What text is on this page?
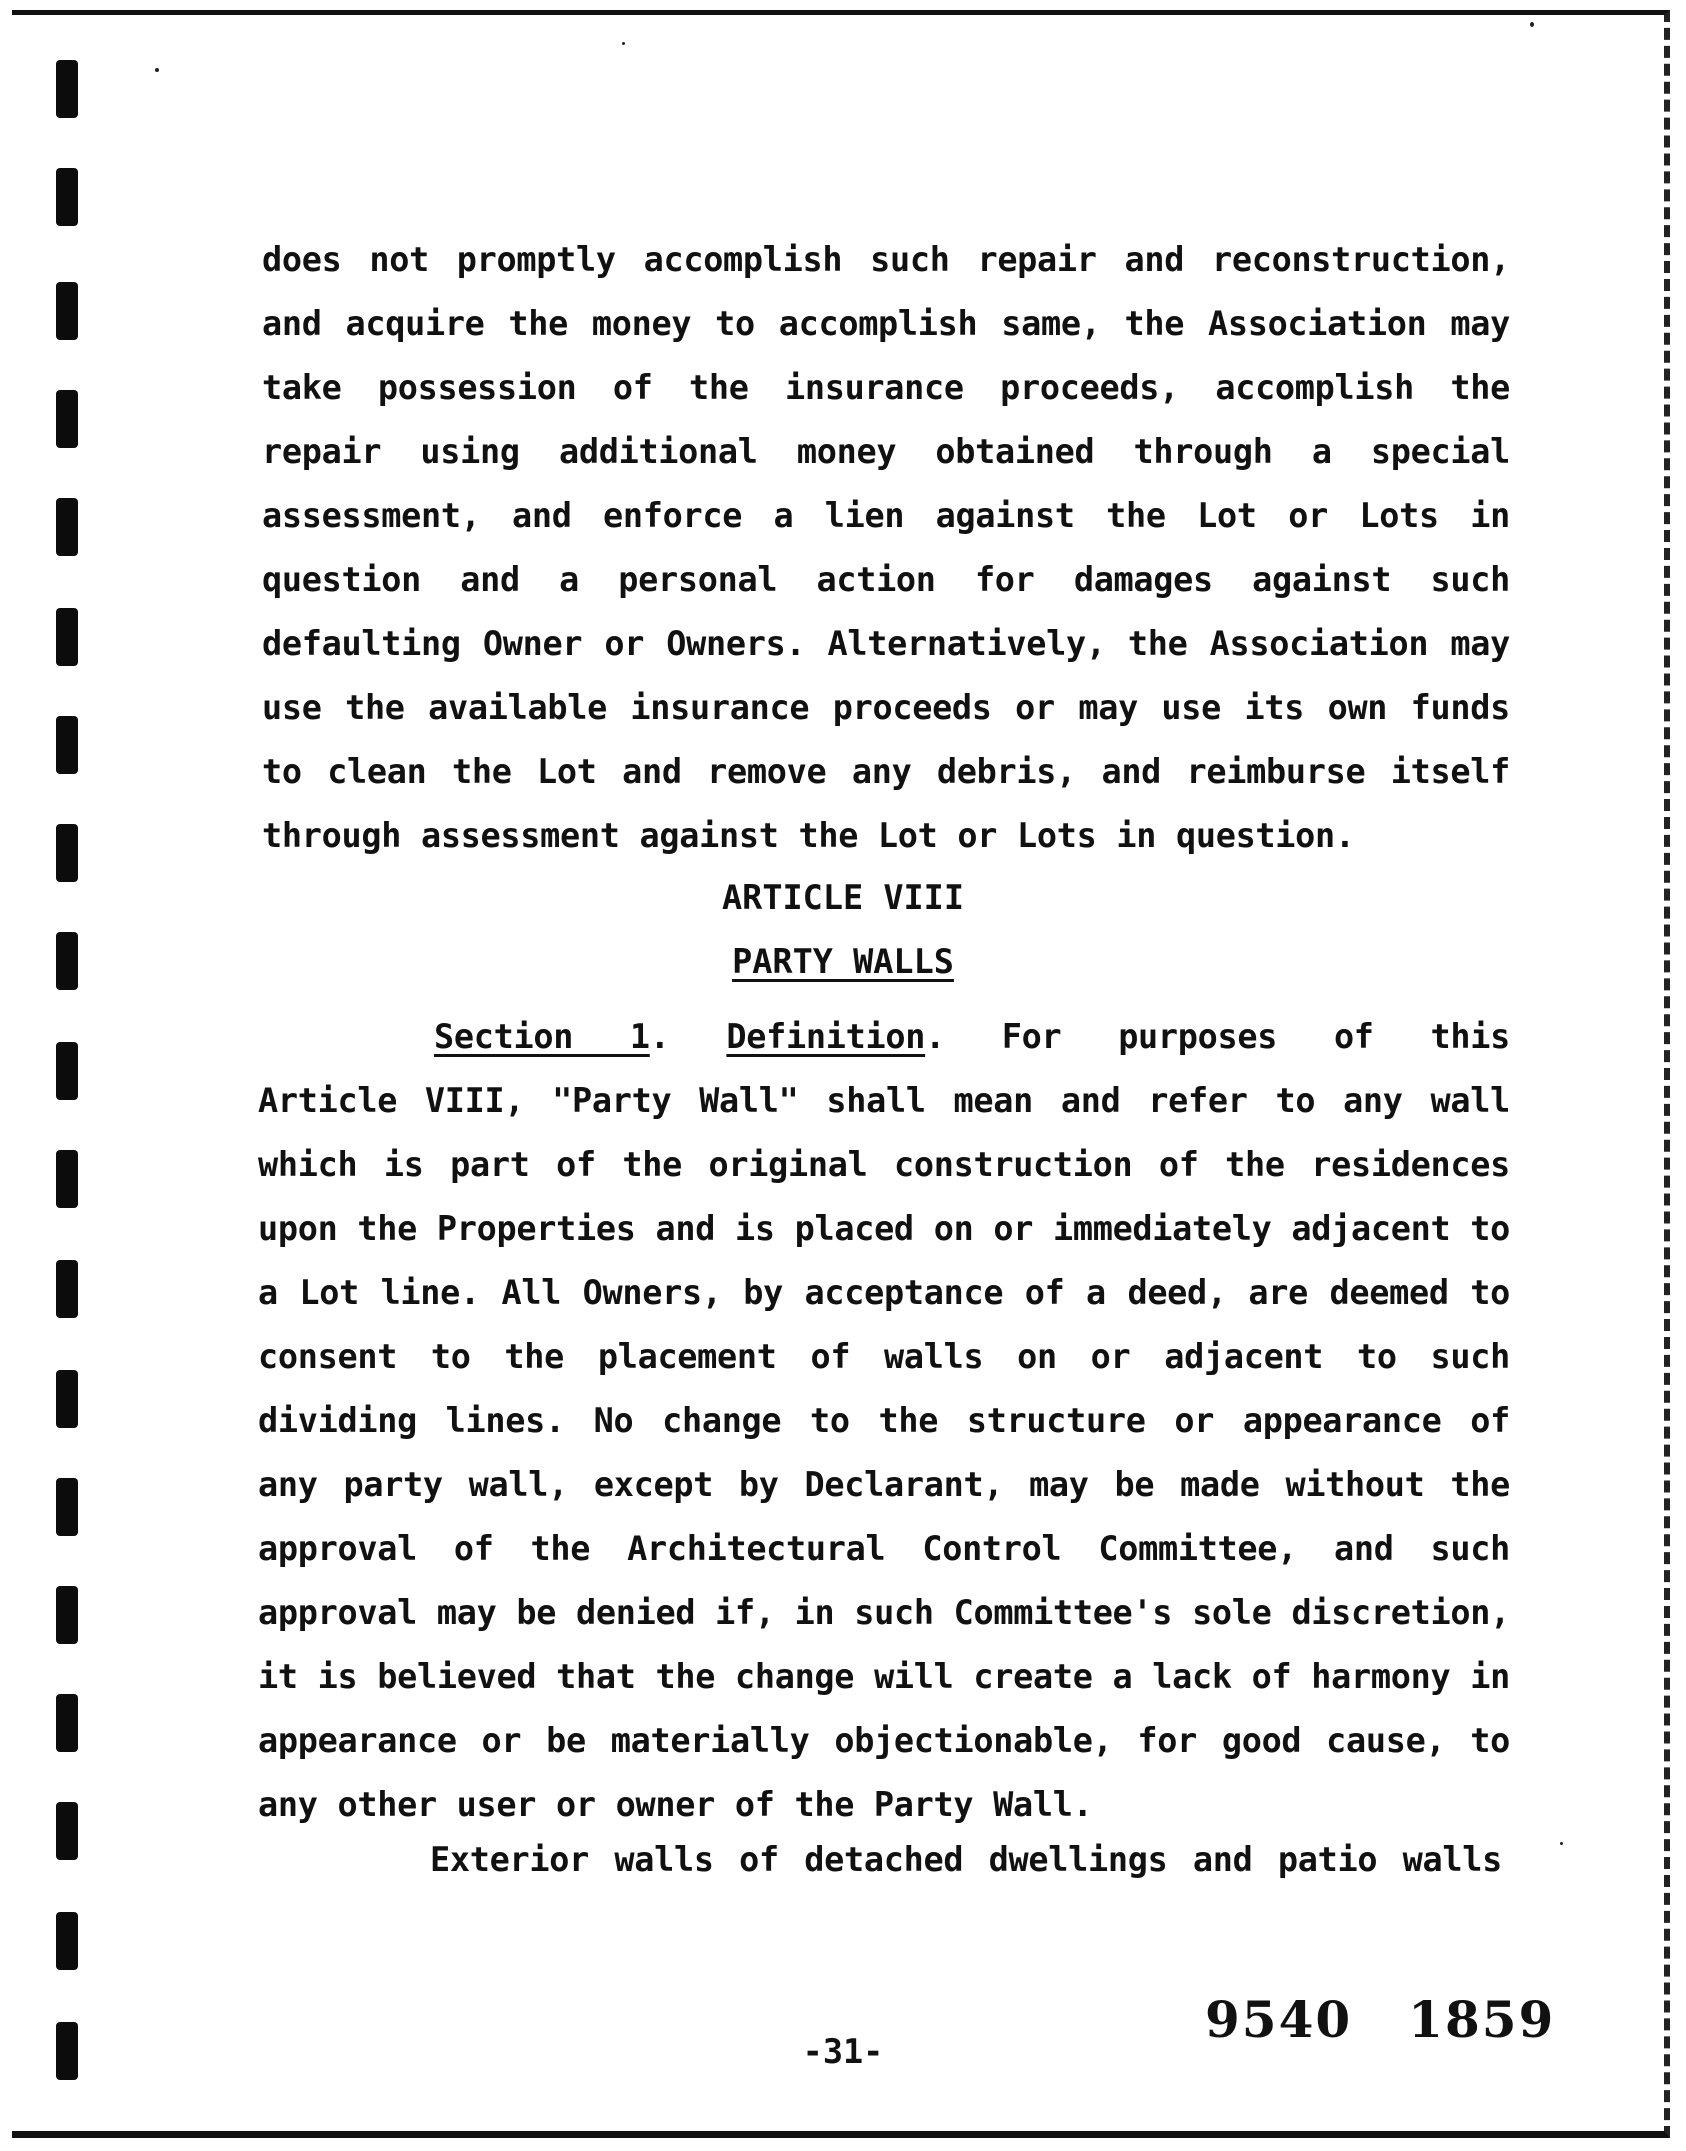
does not promptly accomplish such repair and reconstruction,
and acquire the money to accomplish same, the Association may
take possession of the insurance proceeds, accomplish the
repair using additional money obtained through a special
assessment, and enforce a lien against the Lot or Lots in
question and a personal action for damages against such
defaulting Owner or Owners. Alternatively, the Association may
use the available insurance proceeds or may use its own funds
to clean the Lot and remove any debris, and reimburse itself
through assessment against the Lot or Lots in question.
ARTICLE VIII
PARTY WALLS
Section 1. Definition. For purposes of this
Article VIII, "Party Wall" shall mean and refer to any wall
which is part of the original construction of the residences
upon the Properties and is placed on or immediately adjacent to
a Lot line. All Owners, by acceptance of a deed, are deemed to
consent to the placement of walls on or adjacent to such
dividing lines. No change to the structure or appearance of
any party wall, except by Declarant, may be made without the
approval of the Architectural Control Committee, and such
approval may be denied if, in such Committee's sole discretion,
it is believed that the change will create a lack of harmony in
appearance or be materially objectionable, for good cause, to
any other user or owner of the Party Wall.
Exterior walls of detached dwellings and patio walls
-31-
9540 1859
